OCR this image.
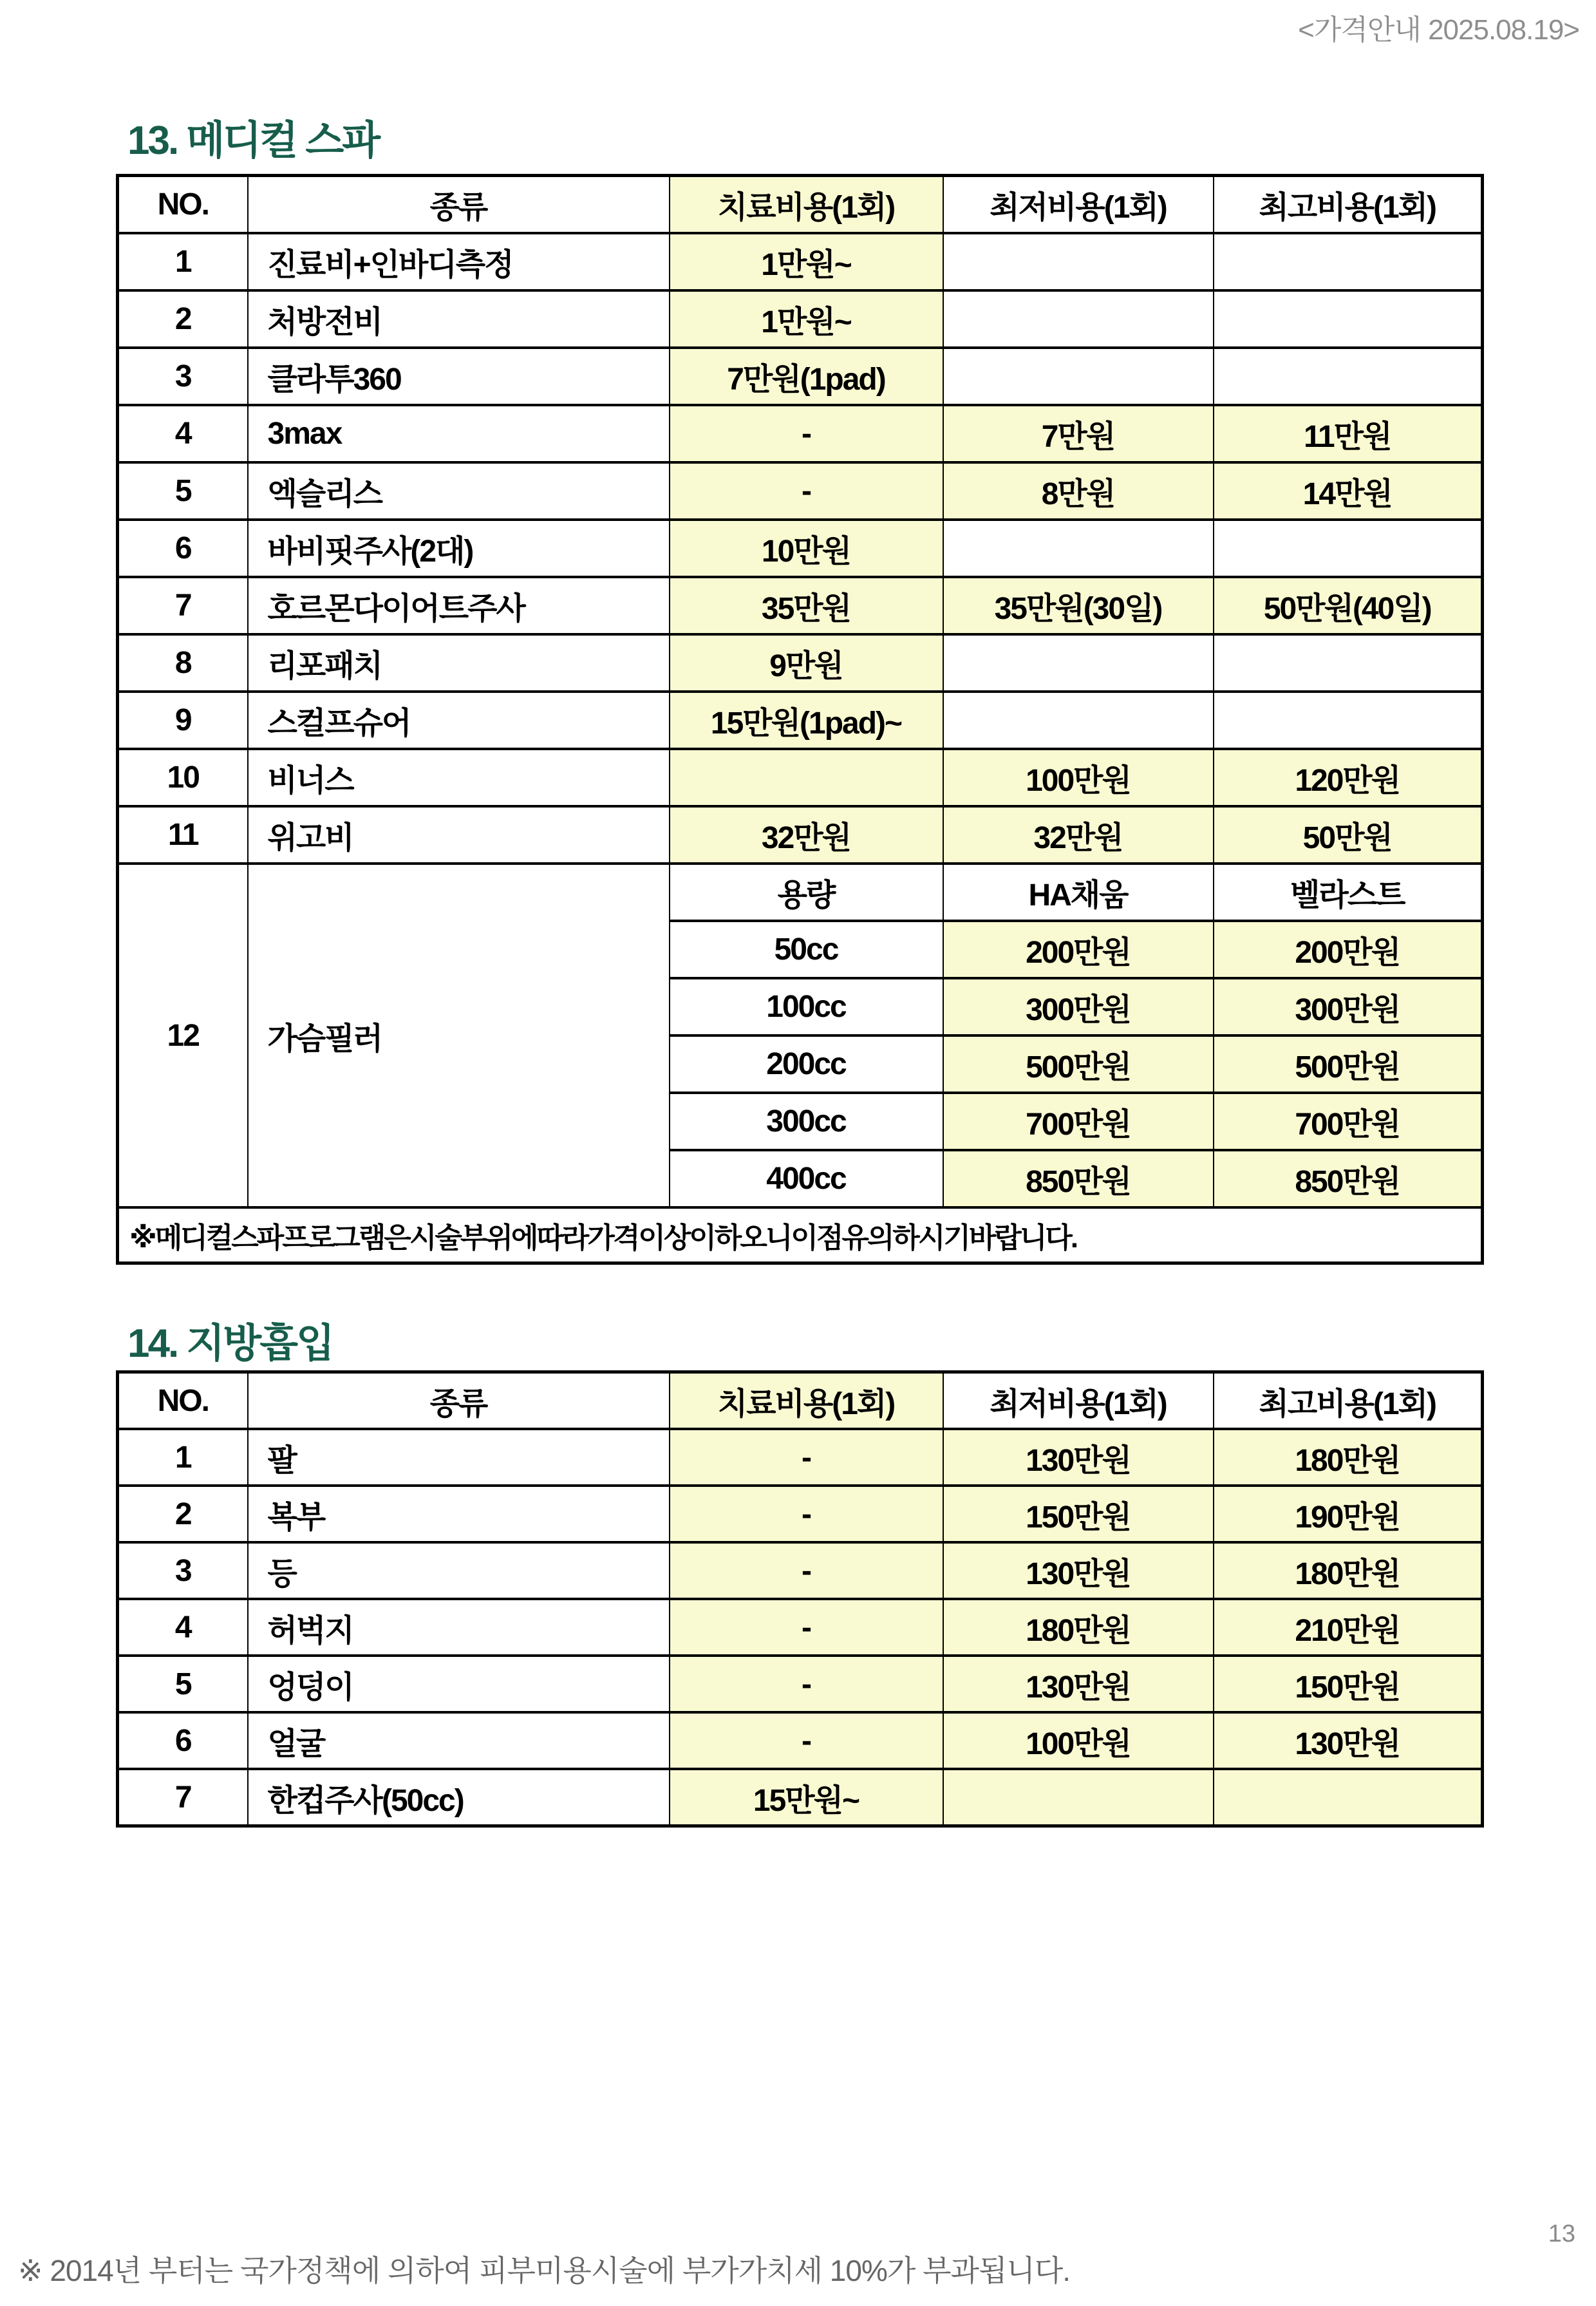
<가격안내 2025.08.19>
13. 메디컬 스파
NO.	종류	치료비용(1회)	최저비용(1회)	최고비용(1회)
1	진료비+인바디측정	1만원~		
2	처방전비	1만원~		
3	클라투360	7만원(1pad)		
4	3max	-	7만원	11만원
5	엑슬리스	-	8만원	14만원
6	바비핏주사(2대)	10만원		
7	호르몬다이어트주사	35만원	35만원(30일)	50만원(40일)
8	리포패치	9만원		
9	스컬프슈어	15만원(1pad)~		
10	비너스		100만원	120만원
11	위고비	32만원	32만원	50만원
12	가슴필러	용량	HA채움	벨라스트
		50cc	200만원	200만원
		100cc	300만원	300만원
		200cc	500만원	500만원
		300cc	700만원	700만원
		400cc	850만원	850만원
※메디컬스파프로그램은시술부위에따라가격이상이하오니이점유의하시기바랍니다.				
14. 지방흡입
NO.	종류	치료비용(1회)	최저비용(1회)	최고비용(1회)
1	팔	-	130만원	180만원
2	복부	-	150만원	190만원
3	등	-	130만원	180만원
4	허벅지	-	180만원	210만원
5	엉덩이	-	130만원	150만원
6	얼굴	-	100만원	130만원
7	한컵주사(50cc)	15만원~		
※ 2014년 부터는 국가정책에 의하여 피부미용시술에 부가가치세 10%가 부과됩니다.
13
